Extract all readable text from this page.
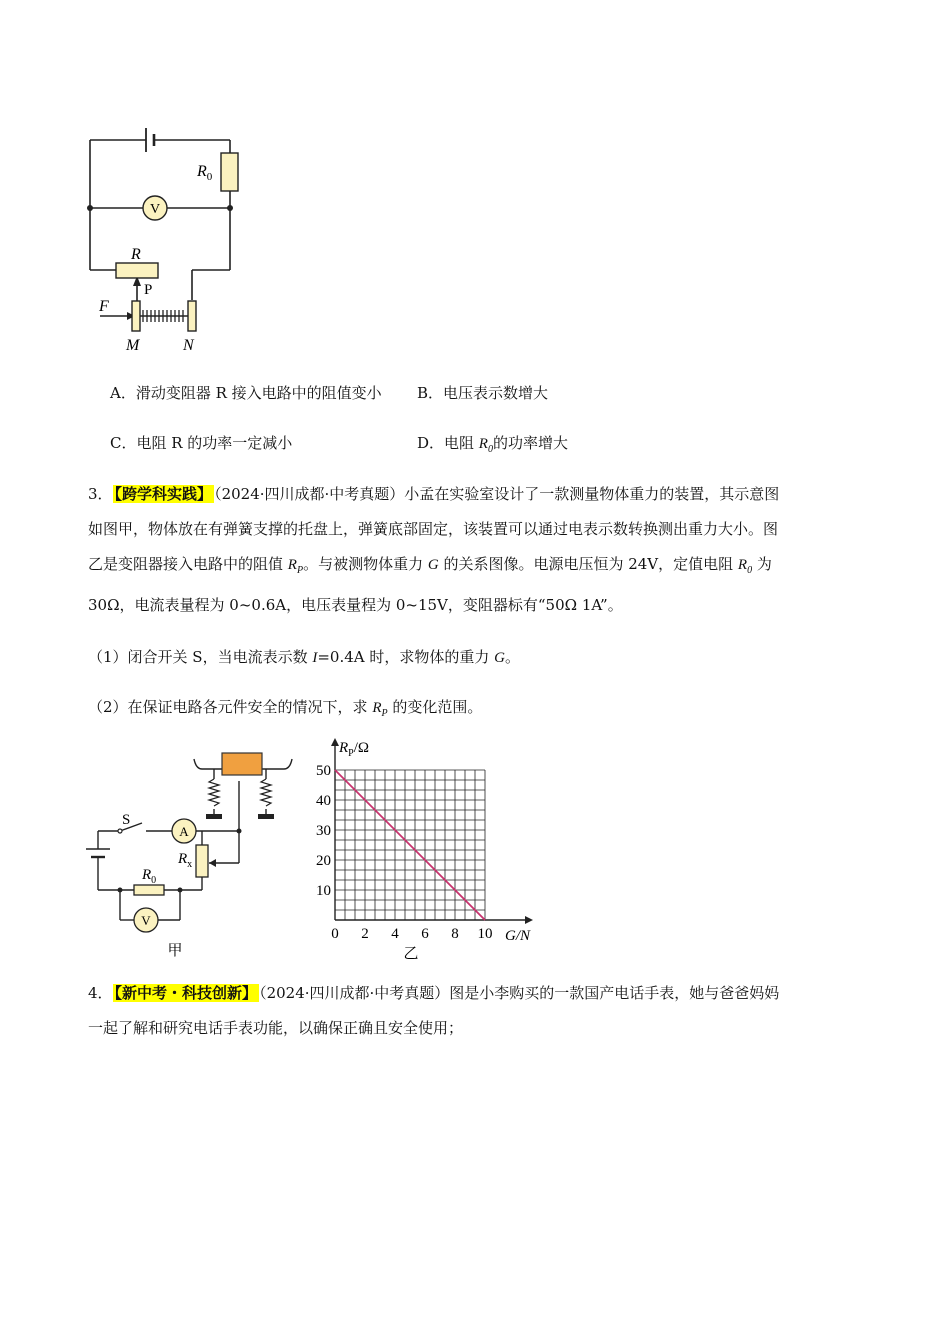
$R_0$
V
R
P
F
M	N
A．滑动变阻器 R 接入电路中的阻值变小 B．电压表示数增大
C．电阻 R 的功率一定减小	D．电阻 $R_0$的功率增大
3． 【跨学科实践】 （2024·四川成都·中考真题）小孟在实验室设计了一款测量物体重力的装置，其示意图
如图甲，物体放在有弹簧支撑的托盘上，弹簧底部固定，该装置可以通过电表示数转换测出重力大小。图
乙是变阻器接入电路中的阻值 $R_P$。与被测物体重力 G 的关系图像。电源电压恒为 24V，定值电阻 $R_0$ 为
30Ω，电流表量程为 0~0.6A，电压表量程为 0~15V，变阻器标有“50Ω 1A”。
（1）闭合开关 S，当电流表示数 I=0.4A 时，求物体的重力 G。
（2）在保证电路各元件安全的情况下，求 $R_P$ 的变化范围。
S
A
$R_x$
$R_0$
V
甲
0 2 4 6 8 10
10
20
30
40
50
$R_P/\Omega$
G/N
乙
4． 【新中考・科技创新】 （2024·四川成都·中考真题）图是小李购买的一款国产电话手表，她与爸爸妈妈
一起了解和研究电话手表功能，以确保正确且安全使用；
